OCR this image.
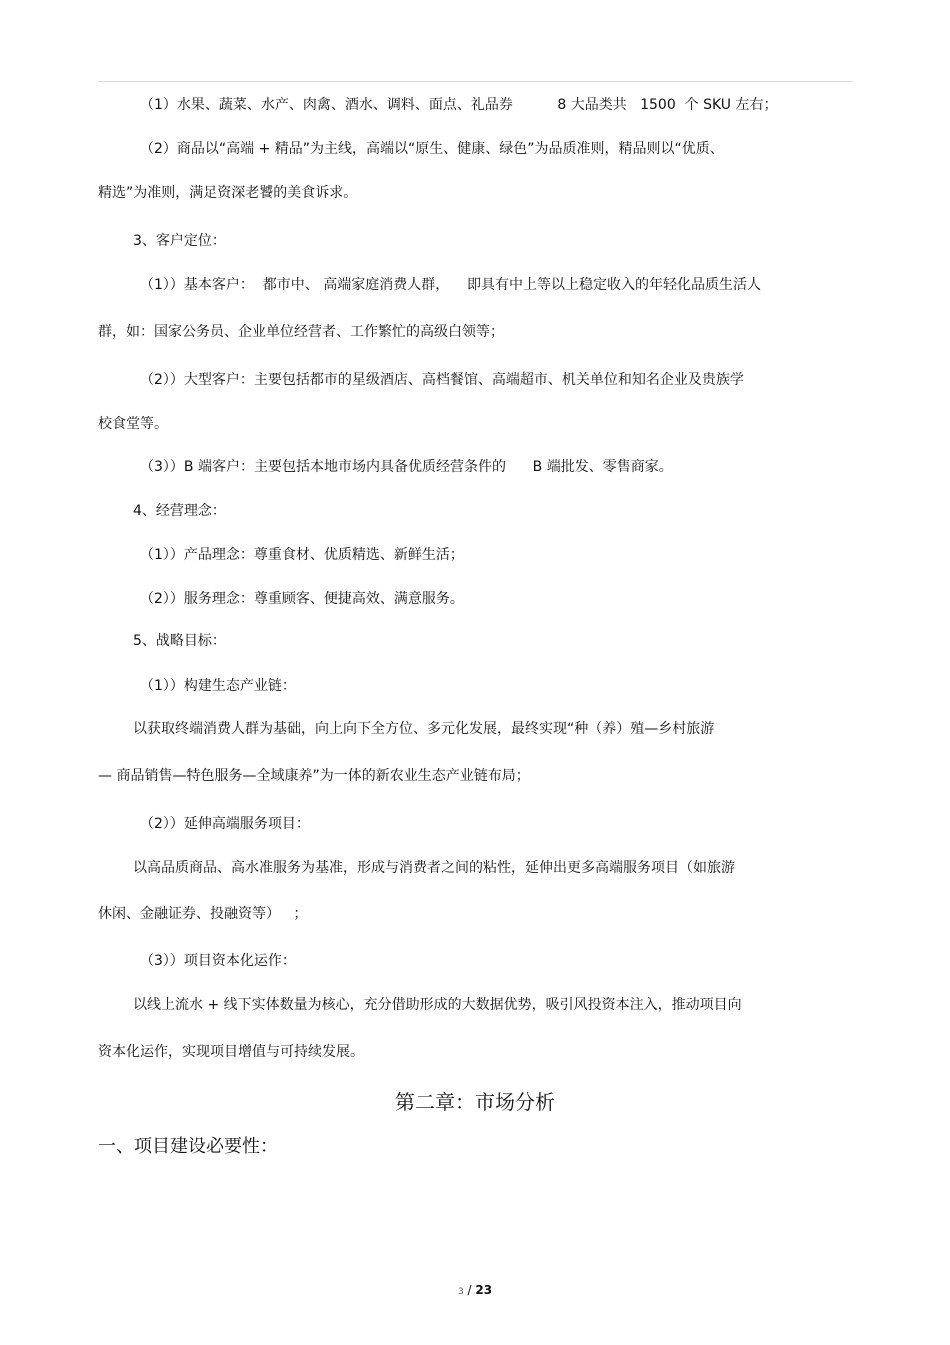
（1）水果、蔬菜、水产、肉禽、酒水、调料、面点、礼品券          8 大品类共   1500  个 SKU 左右；
（2）商品以“高端 + 精品”为主线，高端以“原生、健康、绿色”为品质准则，精品则以“优质、
精选”为准则，满足资深老饕的美食诉求。
3、客户定位：
（1））基本客户：  都市中、 高端家庭消费人群，    即具有中上等以上稳定收入的年轻化品质生活人
群，如：国家公务员、企业单位经营者、工作繁忙的高级白领等；
（2））大型客户：主要包括都市的星级酒店、高档餐馆、高端超市、机关单位和知名企业及贵族学
校食堂等。
（3））B 端客户：主要包括本地市场内具备优质经营条件的      B 端批发、零售商家。
4、经营理念：
（1））产品理念：尊重食材、优质精选、新鲜生活；
（2））服务理念：尊重顾客、便捷高效、满意服务。
5、战略目标：
（1））构建生态产业链：
以获取终端消费人群为基础，向上向下全方位、多元化发展，最终实现“种（养）殖—乡村旅游
— 商品销售—特色服务—全域康养”为一体的新农业生态产业链布局；
（2））延伸高端服务项目：
以高品质商品、高水准服务为基准，形成与消费者之间的粘性，延伸出更多高端服务项目（如旅游
休闲、金融证券、投融资等）   ；
（3））项目资本化运作：
以线上流水 + 线下实体数量为核心，充分借助形成的大数据优势，吸引风投资本注入，推动项目向
资本化运作，实现项目增值与可持续发展。
第二章：市场分析
一、项目建设必要性：
3 / 23
